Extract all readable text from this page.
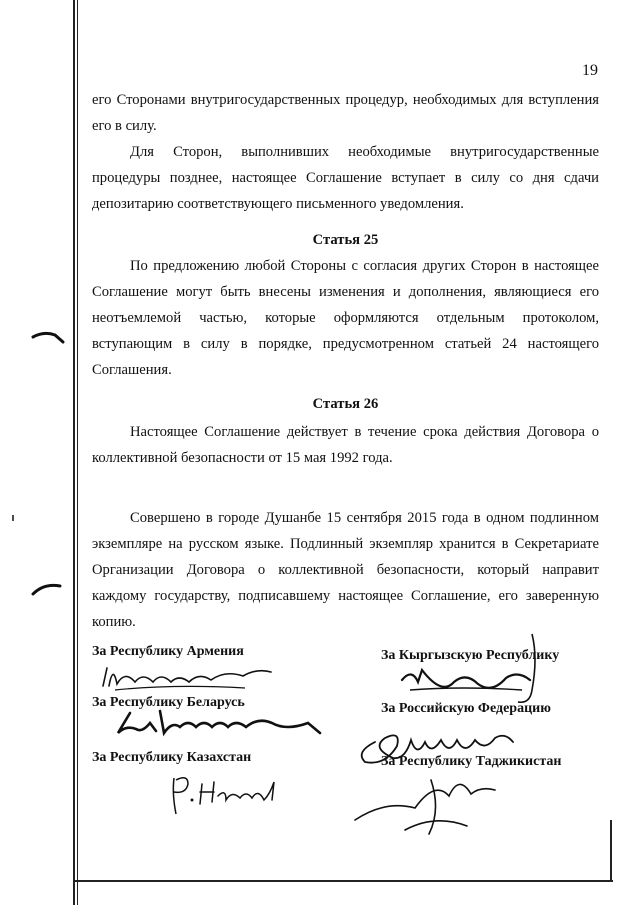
19
его Сторонами внутригосударственных процедур, необходимых для вступления его в силу.
Для Сторон, выполнивших необходимые внутригосударственные процедуры позднее, настоящее Соглашение вступает в силу со дня сдачи депозитарию соответствующего письменного уведомления.
Статья 25
По предложению любой Стороны с согласия других Сторон в настоящее Соглашение могут быть внесены изменения и дополнения, являющиеся его неотъемлемой частью, которые оформляются отдельным протоколом, вступающим в силу в порядке, предусмотренном статьей 24 настоящего Соглашения.
Статья 26
Настоящее Соглашение действует в течение срока действия Договора о коллективной безопасности от 15 мая 1992 года.
Совершено в городе Душанбе 15 сентября 2015 года в одном подлинном экземпляре на русском языке. Подлинный экземпляр хранится в Секретариате Организации Договора о коллективной безопасности, который направит каждому государству, подписавшему настоящее Соглашение, его заверенную копию.
За Республику Армения
За Республику Беларусь
За Республику Казахстан
За Кыргызскую Республику
За Российскую Федерацию
За Республику Таджикистан
